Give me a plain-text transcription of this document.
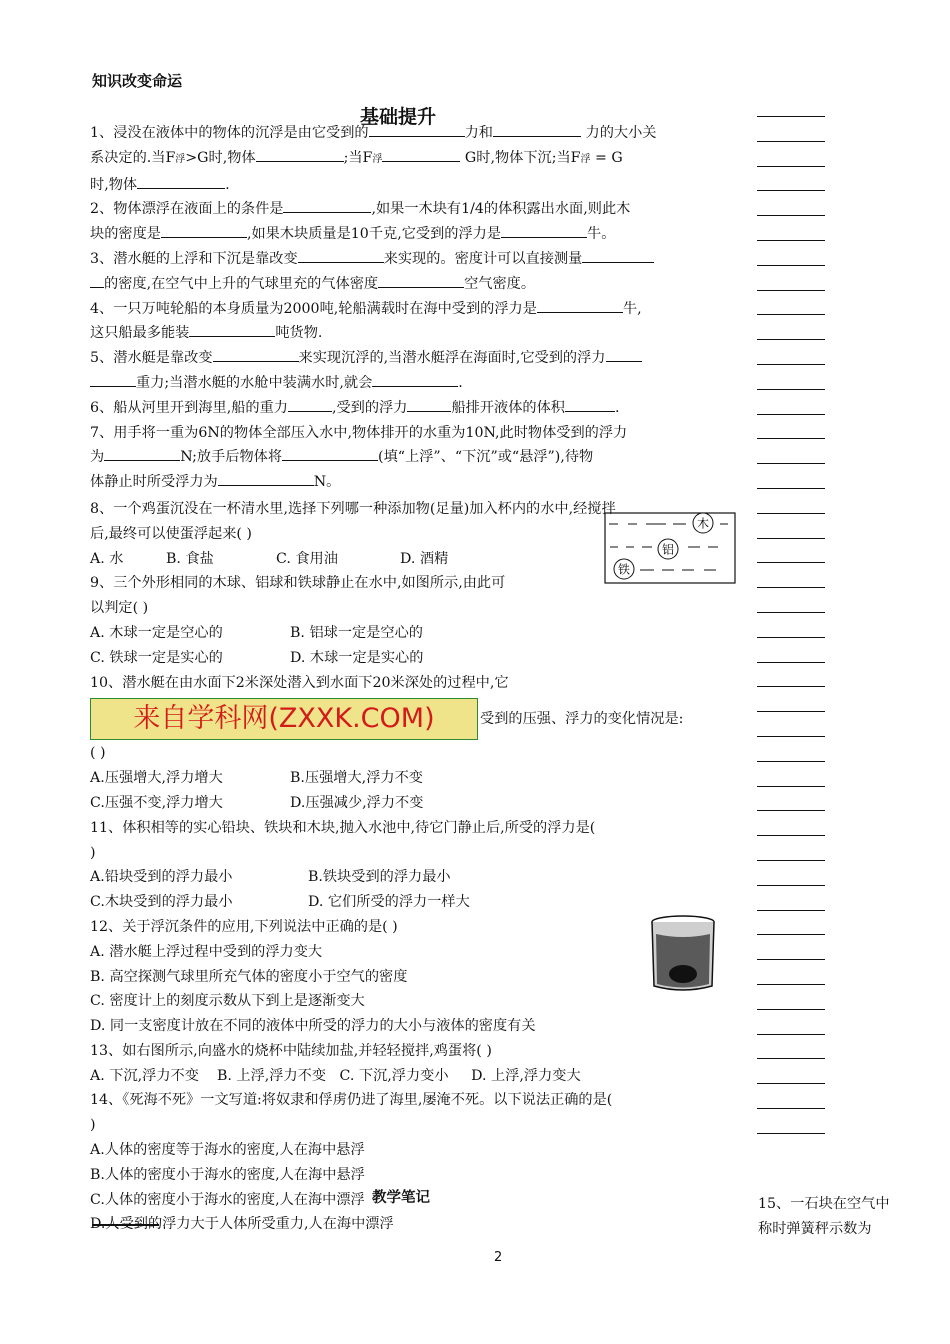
知识改变命运
基础提升

1、浸没在液体中的物体的沉浮是由它受到的	力和	力的大小关

系决定的.当F浮>G时,物体	;当F浮	G时,物体下沉;当F浮 = G

时,物体	.

2、物体漂浮在液面上的条件是	,如果一木块有1/4的体积露出水面,则此木

块的密度是	,如果木块质量是10千克,它受到的浮力是	牛。

3、潜水艇的上浮和下沉是靠改变	来实现的。密度计可以直接测量

的密度,在空气中上升的气球里充的气体密度	空气密度。

4、一只万吨轮船的本身质量为2000吨,轮船满载时在海中受到的浮力是	牛,

这只船最多能装	吨货物.

5、潜水艇是靠改变	来实现沉浮的,当潜水艇浮在海面时,它受到的浮力

重力;当潜水艇的水舱中装满水时,就会	.

6、船从河里开到海里,船的重力	,受到的浮力	船排开液体的体积	.

7、用手将一重为6N的物体全部压入水中,物体排开的水重为10N,此时物体受到的浮力

为	N;放手后物体将	(填“上浮”、“下沉”或“悬浮”),待物

体静止时所受浮力为	N。

8、一个鸡蛋沉没在一杯清水里,选择下列哪一种添加物(足量)加入杯内的水中,经搅拌

后,最终可以使蛋浮起来( )

A. 水	B. 食盐	C. 食用油	D. 酒精

9、三个外形相同的木球、铝球和铁球静止在水中,如图所示,由此可

以判定( )

A. 木球一定是空心的	B. 铝球一定是空心的

C. 铁球一定是实心的	D. 木球一定是实心的

10、潜水艇在由水面下2米深处潜入到水面下20米深处的过程中,它

来自学科网(ZXXK.COM)	受到的压强、浮力的变化情况是:

( )

A.压强增大,浮力增大	B.压强增大,浮力不变

C.压强不变,浮力增大	D.压强减少,浮力不变

11、体积相等的实心铅块、铁块和木块,抛入水池中,待它门静止后,所受的浮力是(

)

A.铅块受到的浮力最小	B.铁块受到的浮力最小

C.木块受到的浮力最小	D. 它们所受的浮力一样大

12、关于浮沉条件的应用,下列说法中正确的是( )

A. 潜水艇上浮过程中受到的浮力变大

B. 高空探测气球里所充气体的密度小于空气的密度

C. 密度计上的刻度示数从下到上是逐渐变大

D. 同一支密度计放在不同的液体中所受的浮力的大小与液体的密度有关

13、如右图所示,向盛水的烧杯中陆续加盐,并轻轻搅拌,鸡蛋将( )

A. 下沉,浮力不变    B. 上浮,浮力不变   C. 下沉,浮力变小     D. 上浮,浮力变大

14、《死海不死》一文写道:将奴隶和俘虏仍进了海里,屡淹不死。以下说法正确的是(

)

A.人体的密度等于海水的密度,人在海中悬浮

B.人体的密度小于海水的密度,人在海中悬浮

C.人体的密度小于海水的密度,人在海中漂浮

D.人受到的浮力大于人体所受重力,人在海中漂浮

木
铝
铁
15、一石块在空气中
称时弹簧秤示数为
教学笔记
2
